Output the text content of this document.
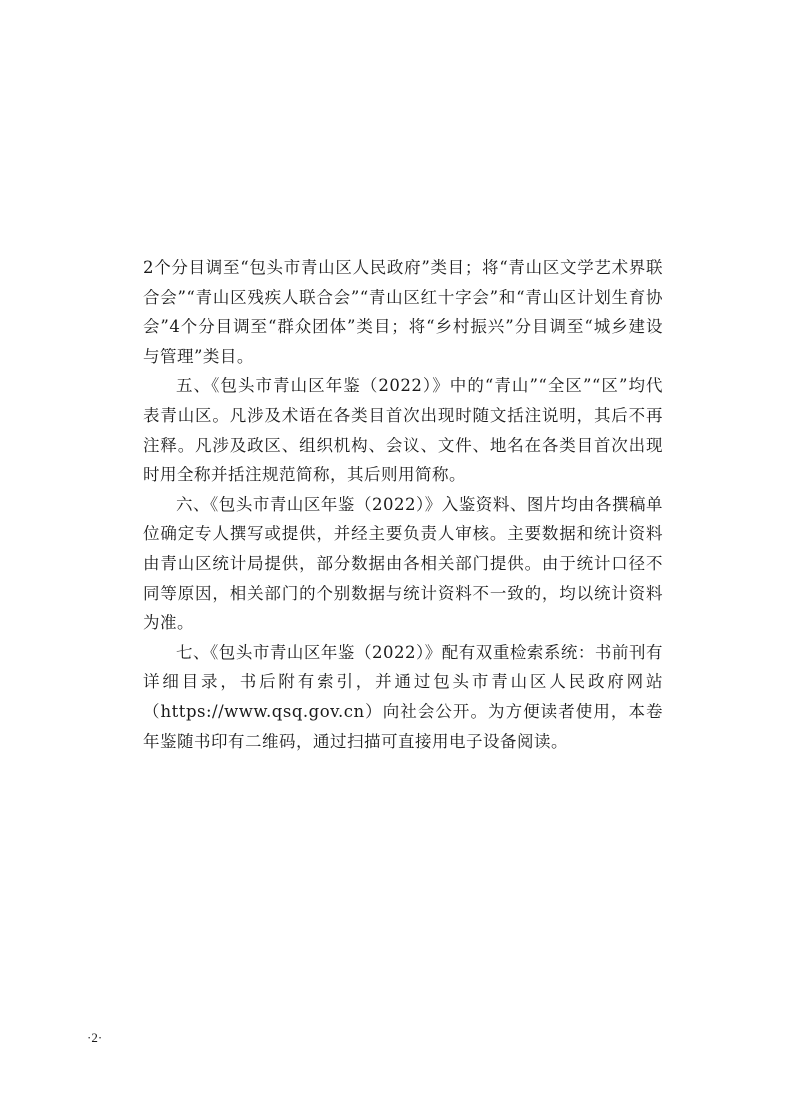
2个分目调至“包头市青山区人民政府”类目；将“青山区文学艺术界联合会”“青山区残疾人联合会”“青山区红十字会”和“青山区计划生育协会”4个分目调至“群众团体”类目；将“乡村振兴”分目调至“城乡建设与管理”类目。

五、《包头市青山区年鉴（2022）》中的“青山”“全区”“区”均代表青山区。凡涉及术语在各类目首次出现时随文括注说明，其后不再注释。凡涉及政区、组织机构、会议、文件、地名在各类目首次出现时用全称并括注规范简称，其后则用简称。

六、《包头市青山区年鉴（2022）》入鉴资料、图片均由各撰稿单位确定专人撰写或提供，并经主要负责人审核。主要数据和统计资料由青山区统计局提供，部分数据由各相关部门提供。由于统计口径不同等原因，相关部门的个别数据与统计资料不一致的，均以统计资料为准。

七、《包头市青山区年鉴（2022）》配有双重检索系统：书前刊有详细目录，书后附有索引，并通过包头市青山区人民政府网站（https://www.qsq.gov.cn）向社会公开。为方便读者使用，本卷年鉴随书印有二维码，通过扫描可直接用电子设备阅读。

·2·
